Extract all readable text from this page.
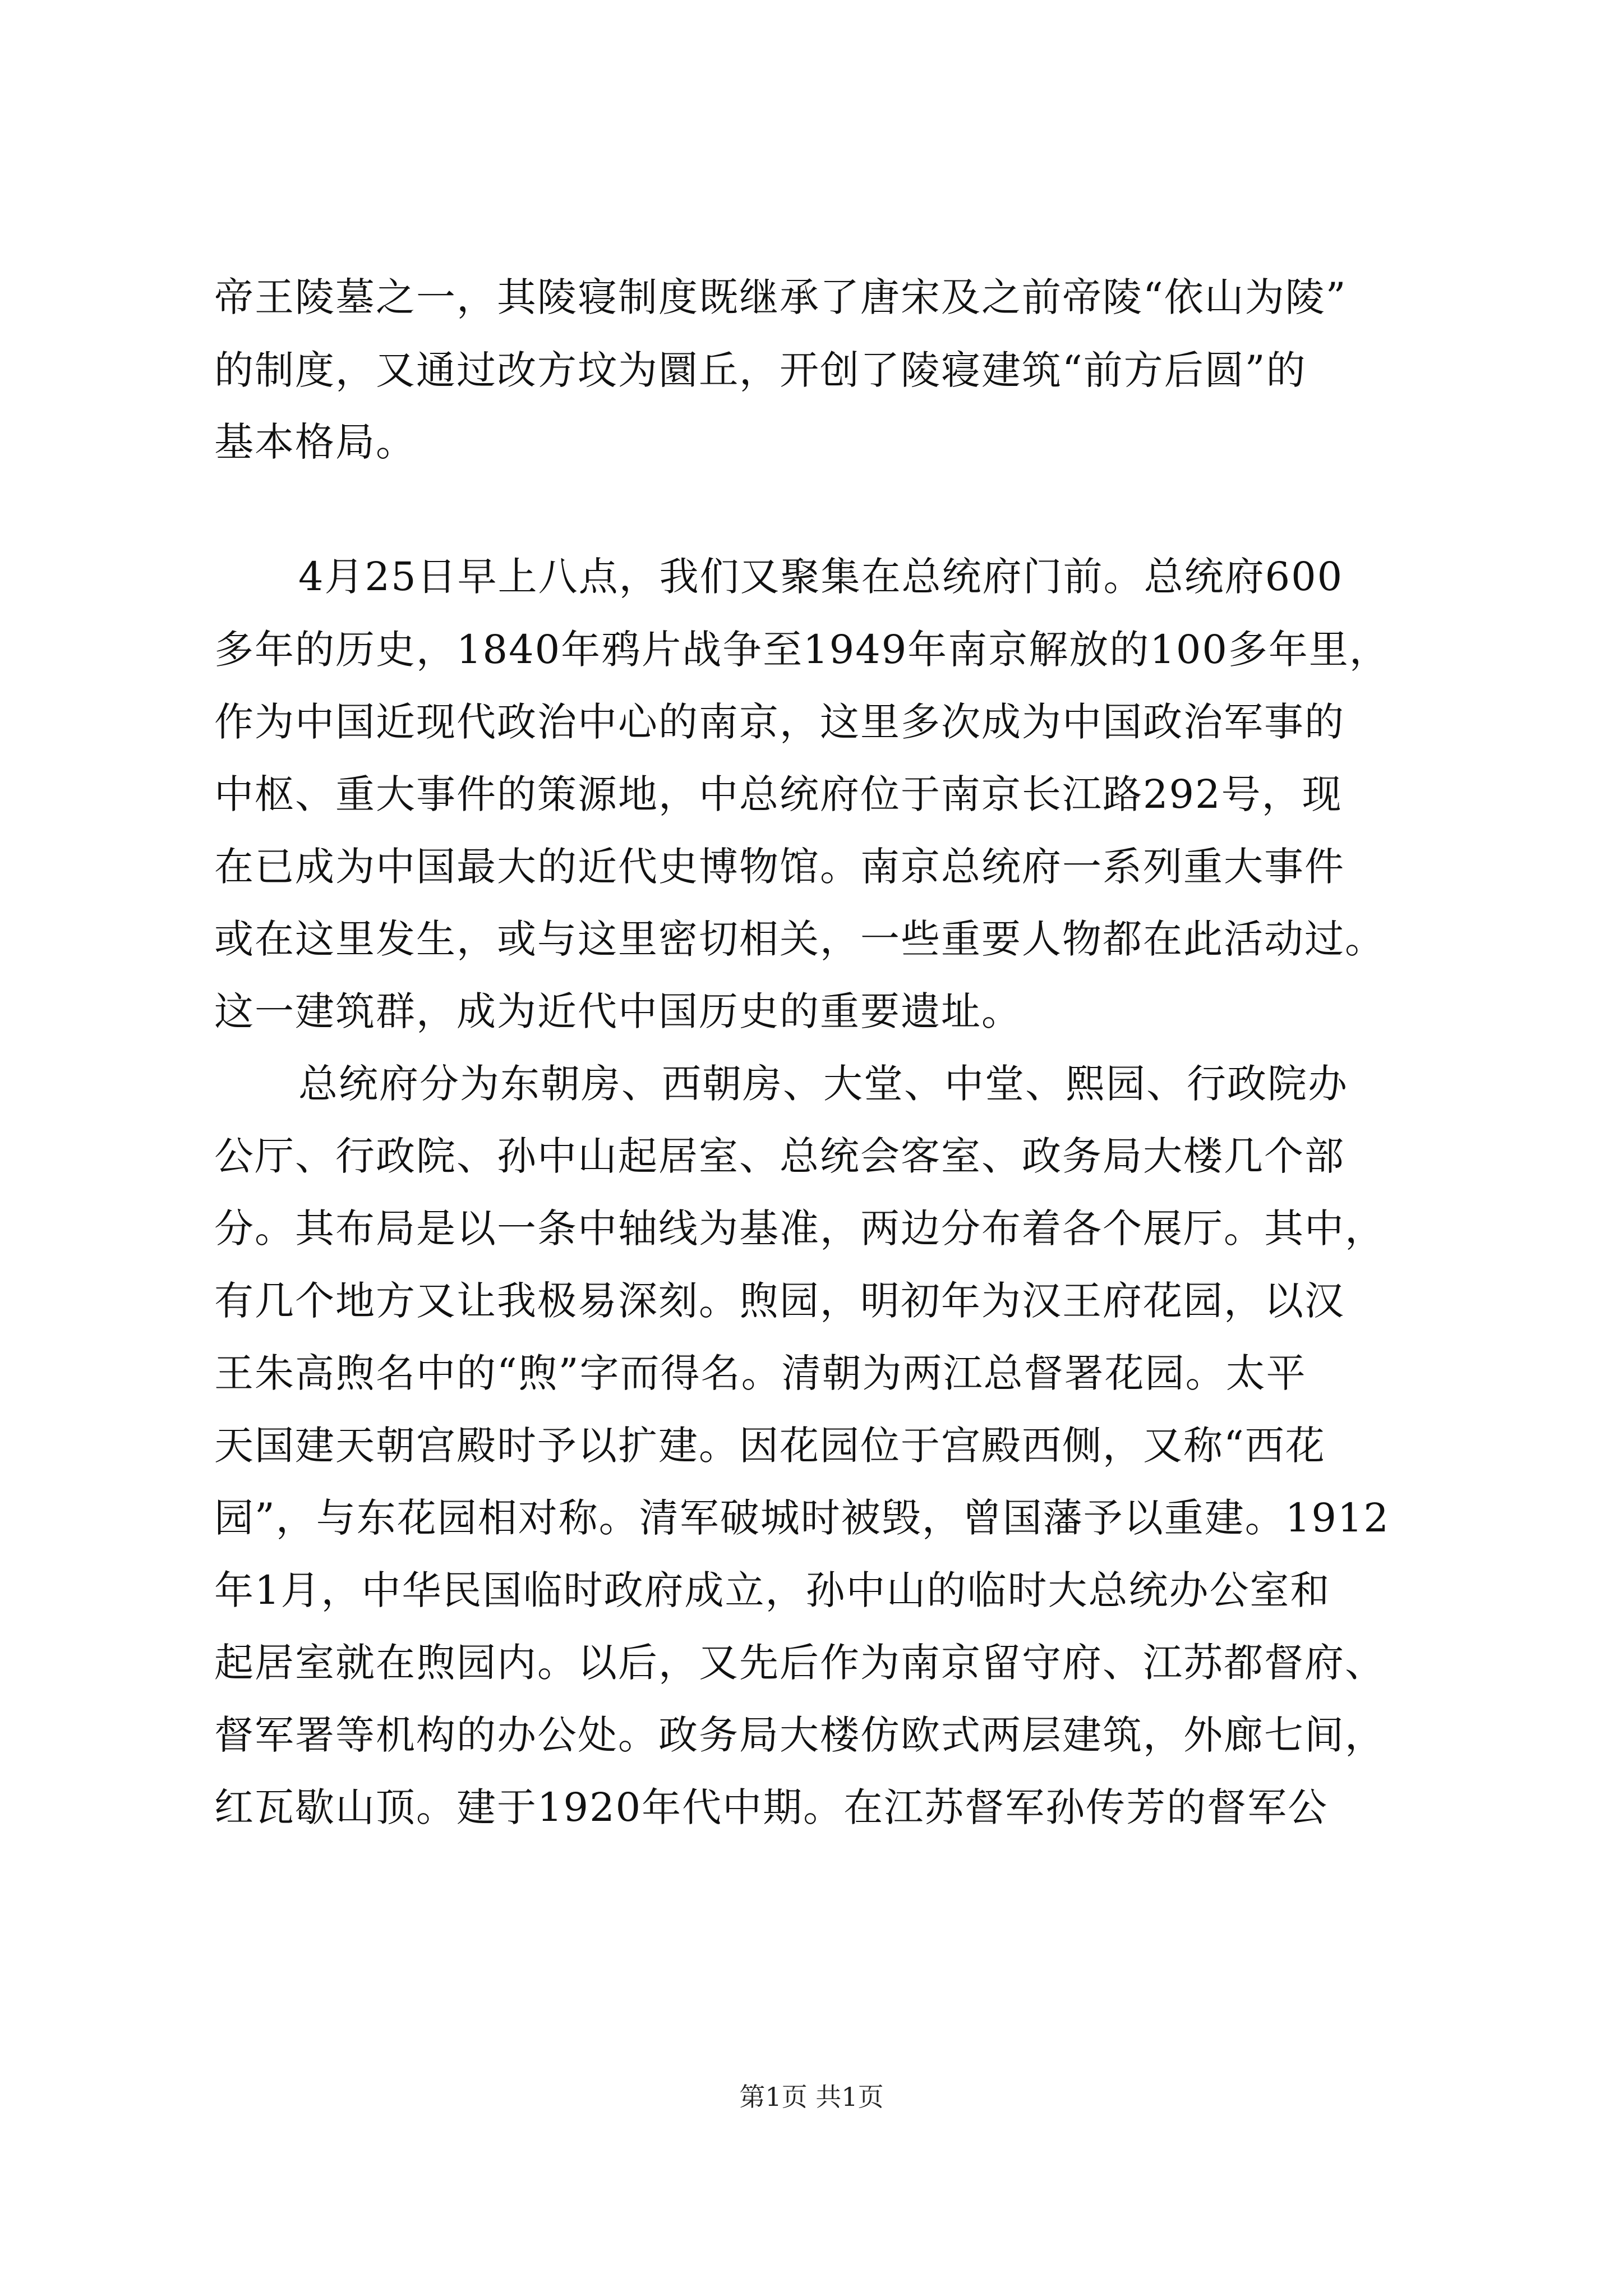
帝王陵墓之一，其陵寝制度既继承了唐宋及之前帝陵“依山为陵”
的制度，又通过改方坟为圜丘，开创了陵寝建筑“前方后圆”的
基本格局。
4月25日早上八点，我们又聚集在总统府门前。总统府600
多年的历史，1840年鸦片战争至1949年南京解放的100多年里，
作为中国近现代政治中心的南京，这里多次成为中国政治军事的
中枢、重大事件的策源地，中总统府位于南京长江路292号，现
在已成为中国最大的近代史博物馆。南京总统府一系列重大事件
或在这里发生，或与这里密切相关，一些重要人物都在此活动过。
这一建筑群，成为近代中国历史的重要遗址。
总统府分为东朝房、西朝房、大堂、中堂、熙园、行政院办
公厅、行政院、孙中山起居室、总统会客室、政务局大楼几个部
分。其布局是以一条中轴线为基准，两边分布着各个展厅。其中，
有几个地方又让我极易深刻。煦园，明初年为汉王府花园，以汉
王朱高煦名中的“煦”字而得名。清朝为两江总督署花园。太平
天国建天朝宫殿时予以扩建。因花园位于宫殿西侧，又称“西花
园”，与东花园相对称。清军破城时被毁，曾国藩予以重建。1912
年1月，中华民国临时政府成立，孙中山的临时大总统办公室和
起居室就在煦园内。以后，又先后作为南京留守府、江苏都督府、
督军署等机构的办公处。政务局大楼仿欧式两层建筑，外廊七间，
红瓦歇山顶。建于1920年代中期。在江苏督军孙传芳的督军公
第1页 共1页
